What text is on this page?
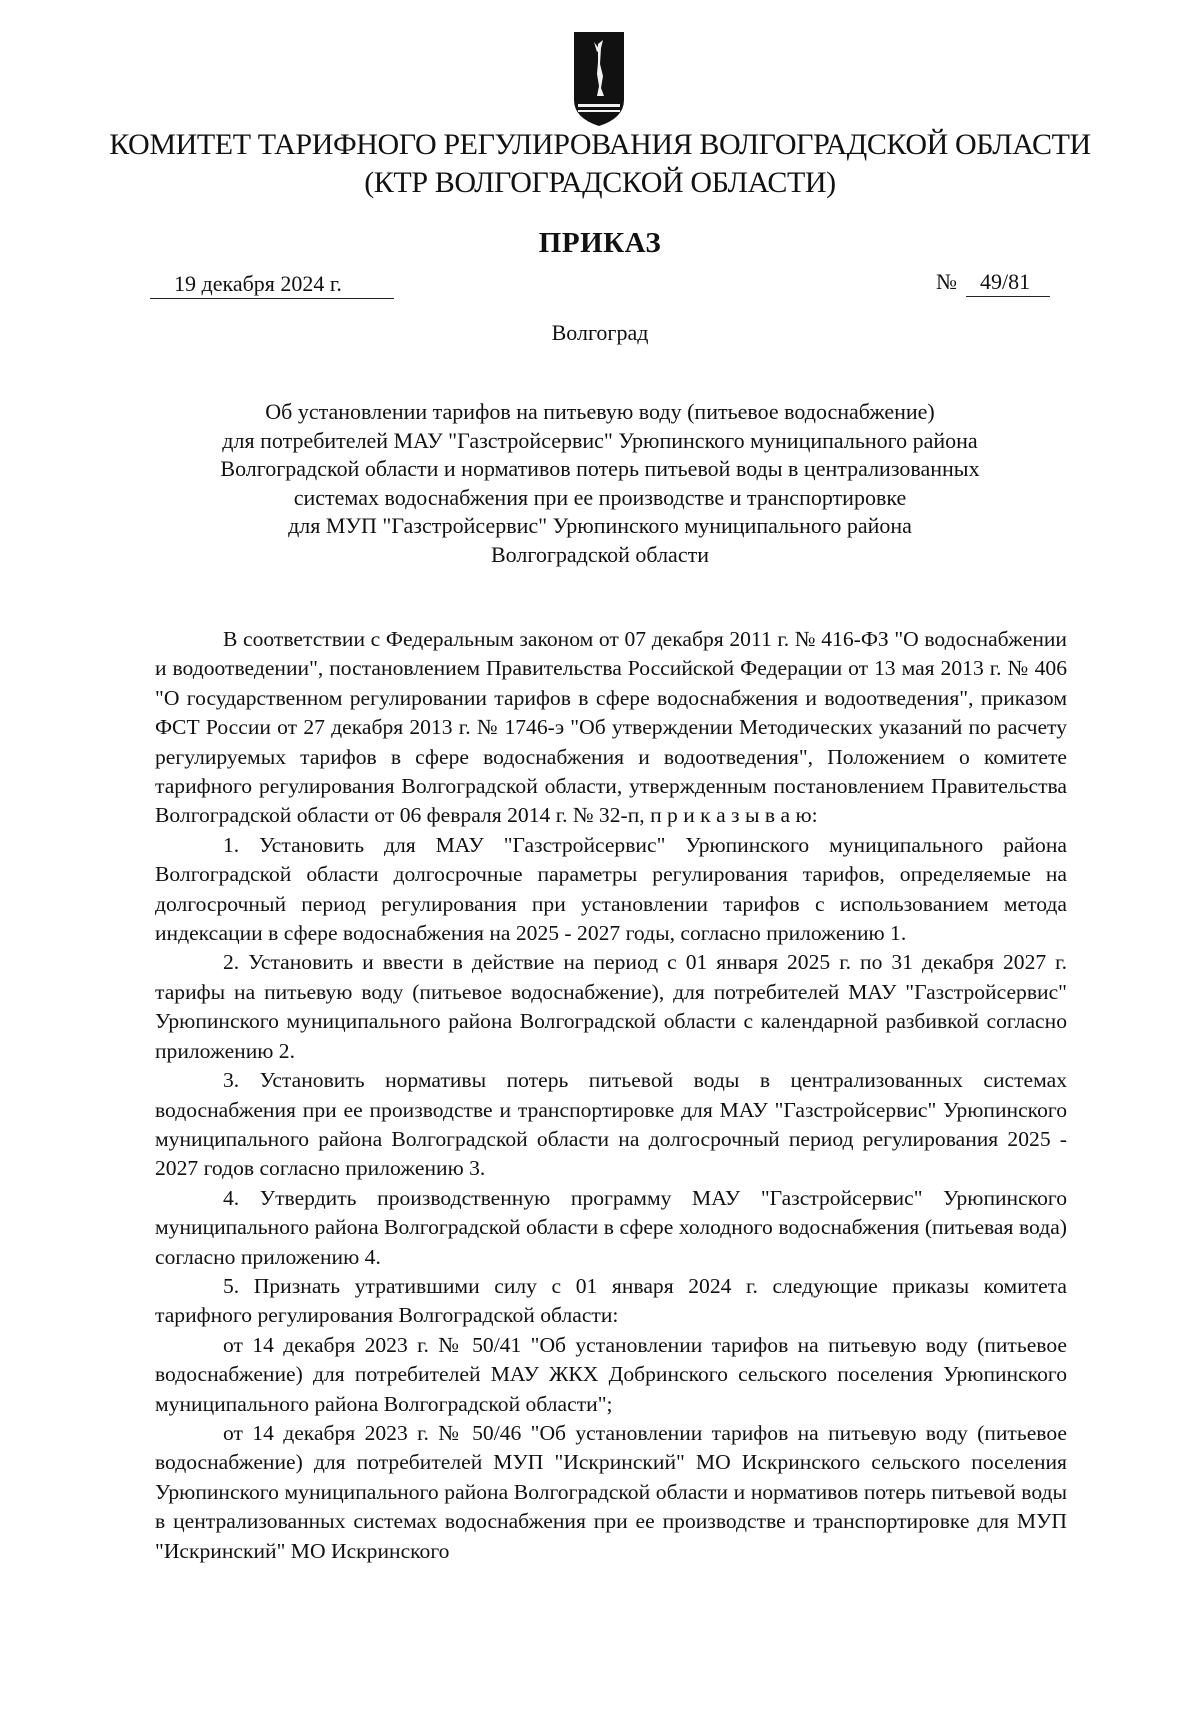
КОМИТЕТ ТАРИФНОГО РЕГУЛИРОВАНИЯ ВОЛГОГРАДСКОЙ ОБЛАСТИ
(КТР ВОЛГОГРАДСКОЙ ОБЛАСТИ)
ПРИКАЗ
19 декабря 2024 г.	№ 49/81
Волгоград
Об установлении тарифов на питьевую воду (питьевое водоснабжение)
для потребителей МАУ "Газстройсервис" Урюпинского муниципального района
Волгоградской области и нормативов потерь питьевой воды в централизованных
системах водоснабжения при ее производстве и транспортировке
для МУП "Газстройсервис" Урюпинского муниципального района
Волгоградской области

В соответствии с Федеральным законом от 07 декабря 2011 г. № 416-ФЗ "О водоснабжении и водоотведении", постановлением Правительства Российской Федерации от 13 мая 2013 г. № 406 "О государственном регулировании тарифов в сфере водоснабжения и водоотведения", приказом ФСТ России от 27 декабря 2013 г. № 1746-э "Об утверждении Методических указаний по расчету регулируемых тарифов в сфере водоснабжения и водоотведения", Положением о комитете тарифного регулирования Волгоградской области, утвержденным постановлением Правительства Волгоградской области от 06 февраля 2014 г. № 32-п, п р и к а з ы в а ю:

1. Установить для МАУ "Газстройсервис" Урюпинского муниципального района Волгоградской области долгосрочные параметры регулирования тарифов, определяемые на долгосрочный период регулирования при установлении тарифов с использованием метода индексации в сфере водоснабжения на 2025 - 2027 годы, согласно приложению 1.

2. Установить и ввести в действие на период с 01 января 2025 г. по 31 декабря 2027 г. тарифы на питьевую воду (питьевое водоснабжение), для потребителей МАУ "Газстройсервис" Урюпинского муниципального района Волгоградской области с календарной разбивкой согласно приложению 2.

3. Установить нормативы потерь питьевой воды в централизованных системах водоснабжения при ее производстве и транспортировке для МАУ "Газстройсервис" Урюпинского муниципального района Волгоградской области на долгосрочный период регулирования 2025 - 2027 годов согласно приложению 3.

4. Утвердить производственную программу МАУ "Газстройсервис" Урюпинского муниципального района Волгоградской области в сфере холодного водоснабжения (питьевая вода) согласно приложению 4.

5. Признать утратившими силу с 01 января 2024 г. следующие приказы комитета тарифного регулирования Волгоградской области:

от 14 декабря 2023 г. № 50/41 "Об установлении тарифов на питьевую воду (питьевое водоснабжение) для потребителей МАУ ЖКХ Добринского сельского поселения Урюпинского муниципального района Волгоградской области";

от 14 декабря 2023 г. № 50/46 "Об установлении тарифов на питьевую воду (питьевое водоснабжение) для потребителей МУП "Искринский" МО Искринского сельского поселения Урюпинского муниципального района Волгоградской области и нормативов потерь питьевой воды в централизованных системах водоснабжения при ее производстве и транспортировке для МУП "Искринский" МО Искринского
